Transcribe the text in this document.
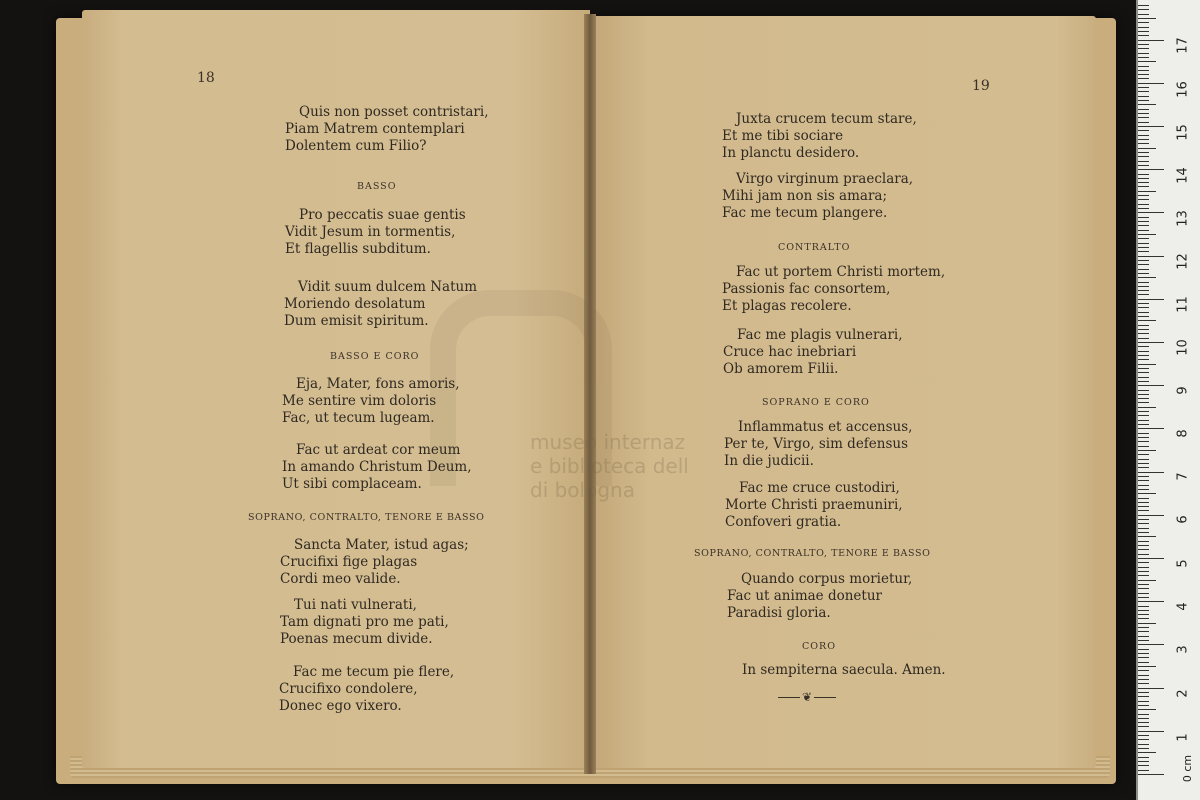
museo internaz
e biblioteca dell
di bologna
18
Quis non posset contristari,
Piam Matrem contemplari
Dolentem cum Filio?
BASSO
Pro peccatis suae gentis
Vidit Jesum in tormentis,
Et flagellis subditum.
Vidit suum dulcem Natum
Moriendo desolatum
Dum emisit spiritum.
BASSO E CORO
Eja, Mater, fons amoris,
Me sentire vim doloris
Fac, ut tecum lugeam.
Fac ut ardeat cor meum
In amando Christum Deum,
Ut sibi complaceam.
SOPRANO, CONTRALTO, TENORE E BASSO
Sancta Mater, istud agas;
Crucifixi fige plagas
Cordi meo valide.
Tui nati vulnerati,
Tam dignati pro me pati,
Poenas mecum divide.
Fac me tecum pie flere,
Crucifixo condolere,
Donec ego vixero.
19
Juxta crucem tecum stare,
Et me tibi sociare
In planctu desidero.
Virgo virginum praeclara,
Mihi jam non sis amara;
Fac me tecum plangere.
CONTRALTO
Fac ut portem Christi mortem,
Passionis fac consortem,
Et plagas recolere.
Fac me plagis vulnerari,
Cruce hac inebriari
Ob amorem Filii.
SOPRANO E CORO
Inflammatus et accensus,
Per te, Virgo, sim defensus
In die judicii.
Fac me cruce custodiri,
Morte Christi praemuniri,
Confoveri gratia.
SOPRANO, CONTRALTO, TENORE E BASSO
Quando corpus morietur,
Fac ut animae donetur
Paradisi gloria.
CORO
In sempiterna saecula. Amen.
❦
0 cm
1
2
3
4
5
6
7
8
9
10
11
12
13
14
15
16
17
